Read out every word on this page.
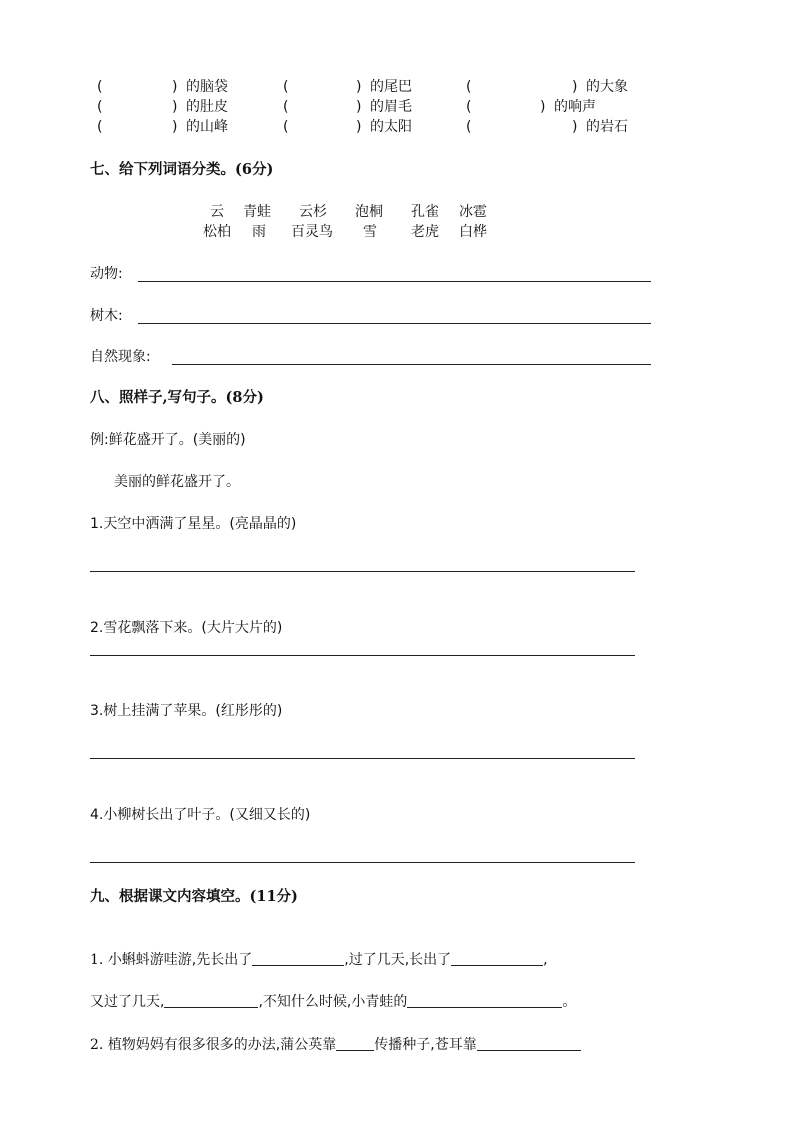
(	) 的脑袋	(	) 的尾巴	(	) 的大象
(	) 的肚皮	(	) 的眉毛	(	) 的响声
(	) 的山峰	(	) 的太阳	(	) 的岩石
七、给下列词语分类。(6分)
云 青蛙 云杉 泡桐 孔雀 冰雹
松柏 雨 百灵鸟 雪 老虎 白桦
动物:
树木:
自然现象:
八、照样子,写句子。(8分)
例:鲜花盛开了。(美丽的)
美丽的鲜花盛开了。
1.天空中洒满了星星。(亮晶晶的)
2.雪花飘落下来。(大片大片的)
3.树上挂满了苹果。(红彤彤的)
4.小柳树长出了叶子。(又细又长的)
九、根据课文内容填空。(11分)
1. 小蝌蚪游哇游,先长出了	,过了几天,长出了	,
又过了几天,	,不知什么时候,小青蛙的	。
2. 植物妈妈有很多很多的办法,蒲公英靠	传播种子,苍耳靠
